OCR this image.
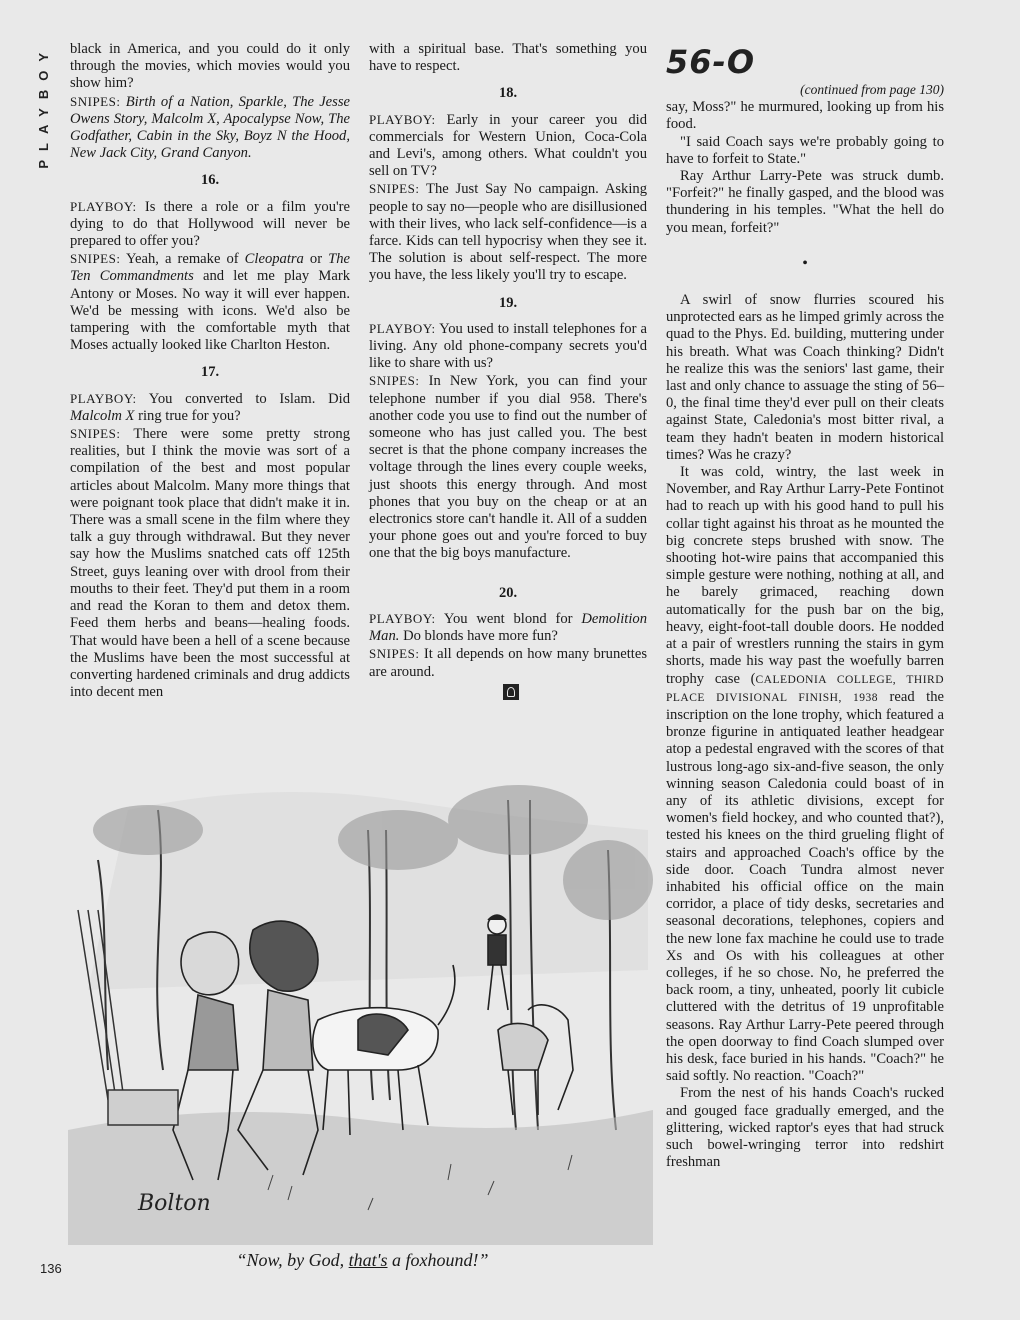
PLAYBOY	black in America, and you could do it only through the movies, which movies would you show him?

SNIPES: Birth of a Nation, Sparkle, The Jesse Owens Story, Malcolm X, Apocalypse Now, The Godfather, Cabin in the Sky, Boyz N the Hood, New Jack City, Grand Canyon.

16.

PLAYBOY: Is there a role or a film you're dying to do that Hollywood will never be prepared to offer you?

SNIPES: Yeah, a remake of Cleopatra or The Ten Commandments and let me play Mark Antony or Moses. No way it will ever happen. We'd be messing with icons. We'd also be tampering with the comfortable myth that Moses actually looked like Charlton Heston.

17.

PLAYBOY: You converted to Islam. Did Malcolm X ring true for you?

SNIPES: There were some pretty strong realities, but I think the movie was sort of a compilation of the best and most popular articles about Malcolm. Many more things that were poignant took place that didn't make it in. There was a small scene in the film where they talk a guy through withdrawal. But they never say how the Muslims snatched cats off 125th Street, guys leaning over with drool from their mouths to their feet. They'd put them in a room and read the Koran to them and detox them. Feed them herbs and beans—healing foods. That would have been a hell of a scene because the Muslims have been the most successful at converting hardened criminals and drug addicts into decent men

with a spiritual base. That's something you have to respect.

18.

PLAYBOY: Early in your career you did commercials for Western Union, Coca-Cola and Levi's, among others. What couldn't you sell on TV?

SNIPES: The Just Say No campaign. Asking people to say no—people who are disillusioned with their lives, who lack self-confidence—is a farce. Kids can tell hypocrisy when they see it. The solution is about self-respect. The more you have, the less likely you'll try to escape.

19.

PLAYBOY: You used to install telephones for a living. Any old phone-company secrets you'd like to share with us?

SNIPES: In New York, you can find your telephone number if you dial 958. There's another code you use to find out the number of someone who has just called you. The best secret is that the phone company increases the voltage through the lines every couple weeks, just shoots this energy through. And most phones that you buy on the cheap or at an electronics store can't handle it. All of a sudden your phone goes out and you're forced to buy one that the big boys manufacture.

20.

PLAYBOY: You went blond for Demolition Man. Do blonds have more fun?

SNIPES: It all depends on how many brunettes are around.

56-O
(continued from page 130)

say, Moss?" he murmured, looking up from his food.

"I said Coach says we're probably going to have to forfeit to State."

Ray Arthur Larry-Pete was struck dumb. "Forfeit?" he finally gasped, and the blood was thundering in his temples. "What the hell do you mean, forfeit?"

•

A swirl of snow flurries scoured his unprotected ears as he limped grimly across the quad to the Phys. Ed. building, muttering under his breath. What was Coach thinking? Didn't he realize this was the seniors' last game, their last and only chance to assuage the sting of 56–0, the final time they'd ever pull on their cleats against State, Caledonia's most bitter rival, a team they hadn't beaten in modern historical times? Was he crazy?

It was cold, wintry, the last week in November, and Ray Arthur Larry-Pete Fontinot had to reach up with his good hand to pull his collar tight against his throat as he mounted the big concrete steps brushed with snow. The shooting hot-wire pains that accompanied this simple gesture were nothing, nothing at all, and he barely grimaced, reaching down automatically for the push bar on the big, heavy, eight-foot-tall double doors. He nodded at a pair of wrestlers running the stairs in gym shorts, made his way past the woefully barren trophy case (CALEDONIA COLLEGE, THIRD PLACE DIVISIONAL FINISH, 1938 read the inscription on the lone trophy, which featured a bronze figurine in antiquated leather headgear atop a pedestal engraved with the scores of that lustrous long-ago six-and-five season, the only winning season Caledonia could boast of in any of its athletic divisions, except for women's field hockey, and who counted that?), tested his knees on the third grueling flight of stairs and approached Coach's office by the side door. Coach Tundra almost never inhabited his official office on the main corridor, a place of tidy desks, secretaries and seasonal decorations, telephones, copiers and the new lone fax machine he could use to trade Xs and Os with his colleagues at other colleges, if he so chose. No, he preferred the back room, a tiny, unheated, poorly lit cubicle cluttered with the detritus of 19 unprofitable seasons. Ray Arthur Larry-Pete peered through the open doorway to find Coach slumped over his desk, face buried in his hands. "Coach?" he said softly. No reaction. "Coach?"

From the nest of his hands Coach's rucked and gouged face gradually emerged, and the glittering, wicked raptor's eyes that had struck such bowel-wringing terror into redshirt freshman

Bolton
“Now, by God, that's a foxhound!”
136
